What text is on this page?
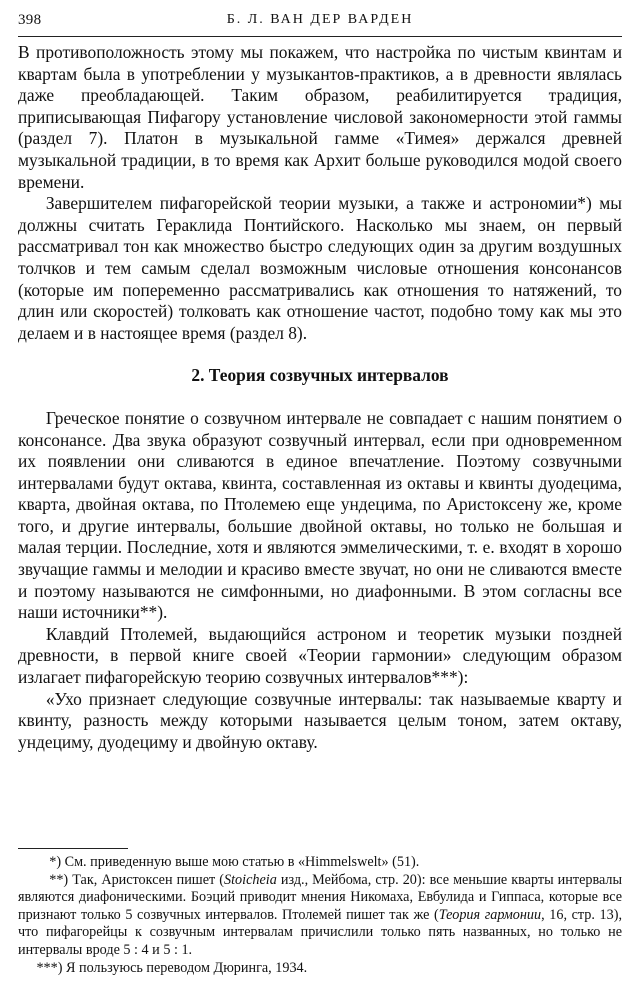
398	Б. Л. ВАН ДЕР ВАРДЕН

В противоположность этому мы покажем, что настройка по чистым квинтам и квартам была в употреблении у музыкантов-практиков, а в древности являлась даже преобладающей. Таким образом, реабилитируется традиция, приписывающая Пифагору установление числовой закономерности этой гаммы (раздел 7). Платон в музыкальной гамме «Тимея» держался древней музыкальной традиции, в то время как Архит больше руководился модой своего времени.

Завершителем пифагорейской теории музыки, а также и астрономии*) мы должны считать Гераклида Понтийского. Насколько мы знаем, он первый рассматривал тон как множество быстро следующих один за другим воздушных толчков и тем самым сделал возможным числовые отношения консонансов (которые им попеременно рассматривались как отношения то натяжений, то длин или скоростей) толковать как отношение частот, подобно тому как мы это делаем и в настоящее время (раздел 8).

2. Теория созвучных интервалов

Греческое понятие о созвучном интервале не совпадает с нашим понятием о консонансе. Два звука образуют созвучный интервал, если при одновременном их появлении они сливаются в единое впечатление. Поэтому созвучными интервалами будут октава, квинта, составленная из октавы и квинты дуодецима, кварта, двойная октава, по Птолемею еще ундецима, по Аристоксену же, кроме того, и другие интервалы, большие двойной октавы, но только не большая и малая терции. Последние, хотя и являются эммелическими, т. е. входят в хорошо звучащие гаммы и мелодии и красиво вместе звучат, но они не сливаются вместе и поэтому называются не симфонными, но диафонными. В этом согласны все наши источники**).

Клавдий Птолемей, выдающийся астроном и теоретик музыки поздней древности, в первой книге своей «Теории гармонии» следующим образом излагает пифагорейскую теорию созвучных интервалов***):

«Ухо признает следующие созвучные интервалы: так называемые кварту и квинту, разность между которыми называется целым тоном, затем октаву, ундециму, дуодециму и двойную октаву.

*) См. приведенную выше мою статью в «Himmelswelt» (51).

**) Так, Аристоксен пишет (Stoicheia изд., Мейбома, стр. 20): все меньшие кварты интервалы являются диафоническими. Боэций приводит мнения Никомаха, Евбулида и Гиппаса, которые все признают только 5 созвучных интервалов. Птолемей пишет так же (Теория гармонии, 16, стр. 13), что пифагорейцы к созвучным интервалам причислили только пять названных, но только не интервалы вроде 5 : 4 и 5 : 1.

***) Я пользуюсь переводом Дюринга, 1934.
